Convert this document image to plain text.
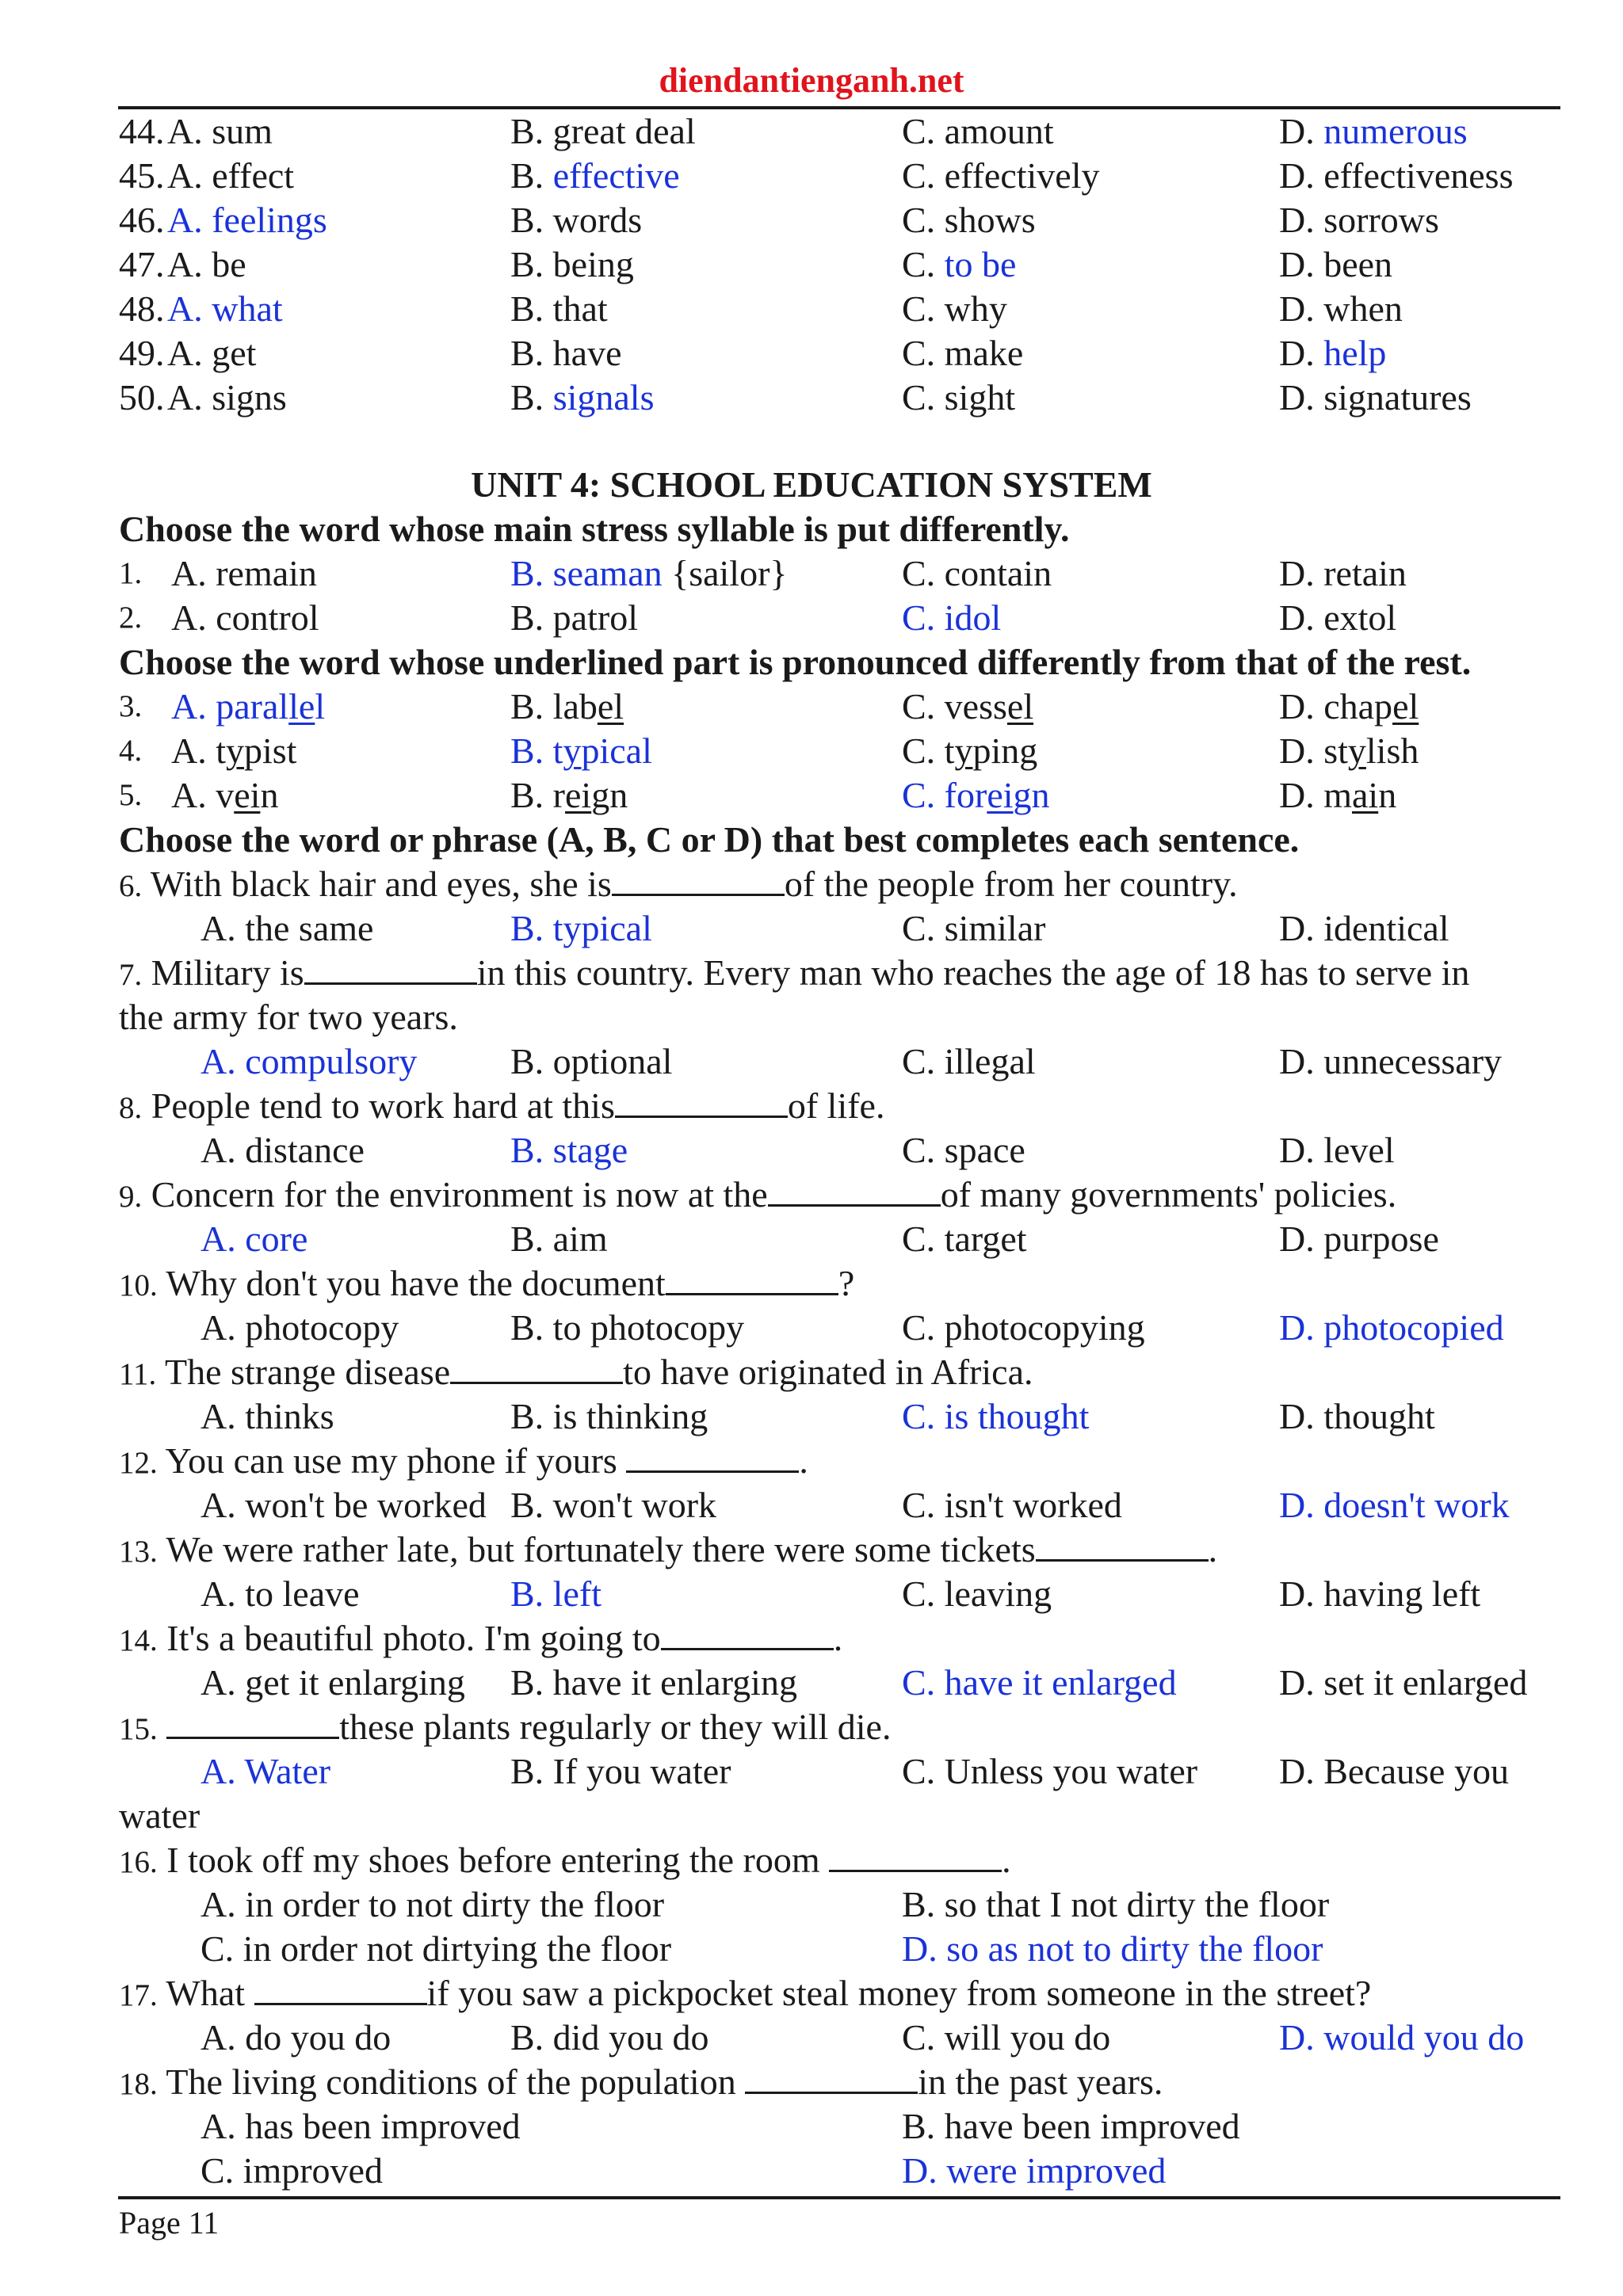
diendantienganh.net
44. A. sum	B. great deal	C. amount	D. numerous
45. A. effect	B. effective	C. effectively	D. effectiveness
46. A. feelings	B. words	C. shows	D. sorrows
47. A. be	B. being	C. to be	D. been
48. A. what	B. that	C. why	D. when
49. A. get	B. have	C. make	D. help
50. A. signs	B. signals	C. sight	D. signatures
UNIT 4: SCHOOL EDUCATION SYSTEM
Choose the word whose main stress syllable is put differently.
1. A. remain	B. seaman {sailor}	C. contain	D. retain
2. A. control	B. patrol	C. idol	D. extol
Choose the word whose underlined part is pronounced differently from that of the rest.
3. A. parallel	B. label	C. vessel	D. chapel
4. A. typist	B. typical	C. typing	D. stylish
5. A. vein	B. reign	C. foreign	D. main
Choose the word or phrase (A, B, C or D) that best completes each sentence.
6. With black hair and eyes, she is	of the people from her country.
A. the same	B. typical	C. similar	D. identical
7. Military is	in this country. Every man who reaches the age of 18 has to serve in
the army for two years.
A. compulsory	B. optional	C. illegal	D. unnecessary
8. People tend to work hard at this	of life.
A. distance	B. stage	C. space	D. level
9. Concern for the environment is now at the	of many governments' policies.
A. core	B. aim	C. target	D. purpose
10. Why don't you have the document	?
A. photocopy	B. to photocopy	C. photocopying	D. photocopied
11. The strange disease	to have originated in Africa.
A. thinks	B. is thinking	C. is thought	D. thought
12. You can use my phone if yours	.
A. won't be worked B. won't work	C. isn't worked	D. doesn't work
13. We were rather late, but fortunately there were some tickets	.
A. to leave	B. left	C. leaving	D. having left
14. It's a beautiful photo. I'm going to	.
A. get it enlarging B. have it enlarging	C. have it enlarged	D. set it enlarged
15.	these plants regularly or they will die.
A. Water	B. If you water	C. Unless you water D. Because you
water
16. I took off my shoes before entering the room	.
A. in order to not dirty the floor	B. so that I not dirty the floor
C. in order not dirtying the floor	D. so as not to dirty the floor
17. What	if you saw a pickpocket steal money from someone in the street?
A. do you do	B. did you do	C. will you do	D. would you do
18. The living conditions of the population	in the past years.
A. has been improved	B. have been improved
C. improved	D. were improved
Page 11
